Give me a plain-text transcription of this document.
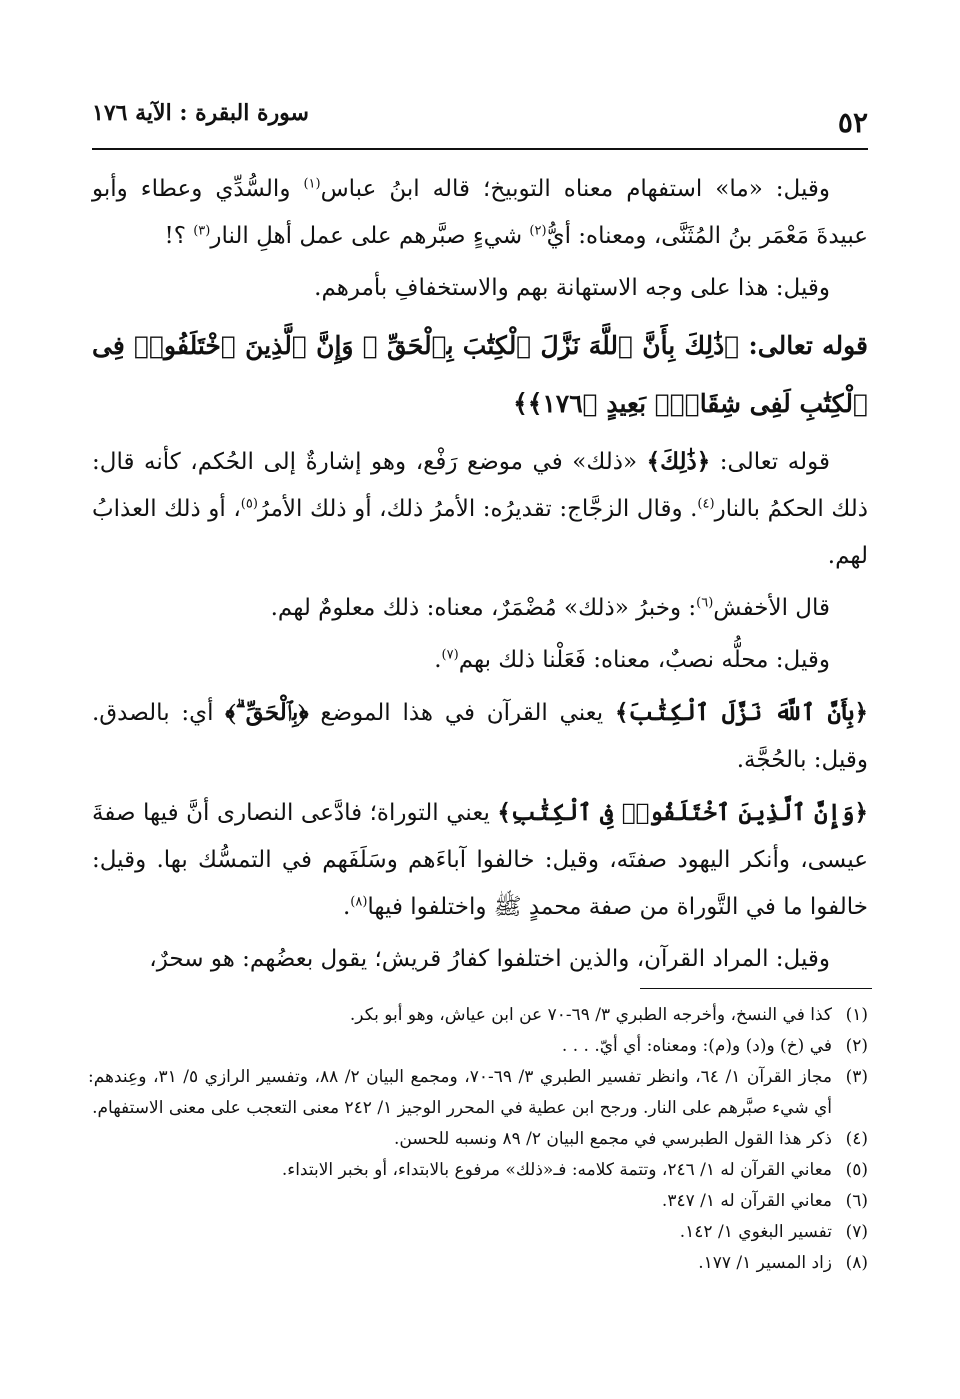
٥٢
سورة البقرة : الآية ١٧٦

وقيل: «ما» استفهام معناه التوبيخ؛ قاله ابنُ عباس$^{(١)}$ والسُّدِّي وعطاء وأبو عبيدةَ مَعْمَر بنُ المُثَنَّى، ومعناه: أيُّ$^{(٢)}$ شيءٍ صبَّرهم على عمل أهلِ النار$^{(٣)}$ ؟!

وقيل: هذا على وجه الاستهانة بهم والاستخفافِ بأمرهم.

قوله تعالى: ﴿ذَٰلِكَ بِأَنَّ ٱللَّهَ نَزَّلَ ٱلْكِتَٰبَ بِٱلْحَقِّ ۗ وَإِنَّ ٱلَّذِينَ ٱخْتَلَفُوا۟ فِى ٱلْكِتَٰبِ لَفِى شِقَاقٍۭ بَعِيدٍ ﴿١٧٦﴾﴾

قوله تعالى: ﴿ذَٰلِكَ﴾ «ذلك» في موضع رَفْع، وهو إشارةٌ إلى الحُكم، كأنه قال: ذلك الحكمُ بالنار$^{(٤)}$. وقال الزجَّاج: تقديرُه: الأمرُ ذلك، أو ذلك الأمرُ$^{(٥)}$، أو ذلك العذابُ لهم.

قال الأخفش$^{(٦)}$: وخبرُ «ذلك» مُضْمَرٌ، معناه: ذلك معلومٌ لهم.

وقيل: محلُّه نصبٌ، معناه: فَعَلْنا ذلك بهم$^{(٧)}$.

﴿بِأَنَّ ٱللَّهَ نَزَّلَ ٱلْكِتَٰبَ﴾ يعني القرآن في هذا الموضع ﴿بِٱلْحَقِّ ۗ﴾ أي: بالصدق. وقيل: بالحُجَّة.

﴿وَإِنَّ ٱلَّذِينَ ٱخْتَلَفُوا۟ فِى ٱلْكِتَٰبِ﴾ يعني التوراة؛ فادَّعى النصارى أنَّ فيها صفةَ عيسى، وأنكر اليهود صفتَه، وقيل: خالفوا آباءَهم وسَلَفَهم في التمسُّك بها. وقيل: خالفوا ما في التَّوراة من صفة محمدٍ ﷺ واختلفوا فيها$^{(٨)}$.

وقيل: المراد القرآن، والذين اختلفوا كفارُ قريش؛ يقول بعضُهم: هو سحرٌ،

(١)
كذا في النسخ، وأخرجه الطبري ٣/ ٦٩-٧٠ عن ابن عياش، وهو أبو بكر.
(٢)
في (خ) و(د) و(م): ومعناه: أي أيّ. . . .
(٣)
مجاز القرآن ١/ ٦٤، وانظر تفسير الطبري ٣/ ٦٩-٧٠، ومجمع البيان ٢/ ٨٨، وتفسير الرازي ٥/ ٣١، وعِندهم: أي شيء صبَّرهم على النار. ورجح ابن عطية في المحرر الوجيز ١/ ٢٤٢ معنى التعجب على معنى الاستفهام.
(٤)
ذكر هذا القول الطبرسي في مجمع البيان ٢/ ٨٩ ونسبه للحسن.
(٥)
معاني القرآن له ١/ ٢٤٦، وتتمة كلامه: فـ«ذلك» مرفوع بالابتداء، أو بخبر الابتداء.
(٦)
معاني القرآن له ١/ ٣٤٧.
(٧)
تفسير البغوي ١/ ١٤٢.
(٨)
زاد المسير ١/ ١٧٧.
